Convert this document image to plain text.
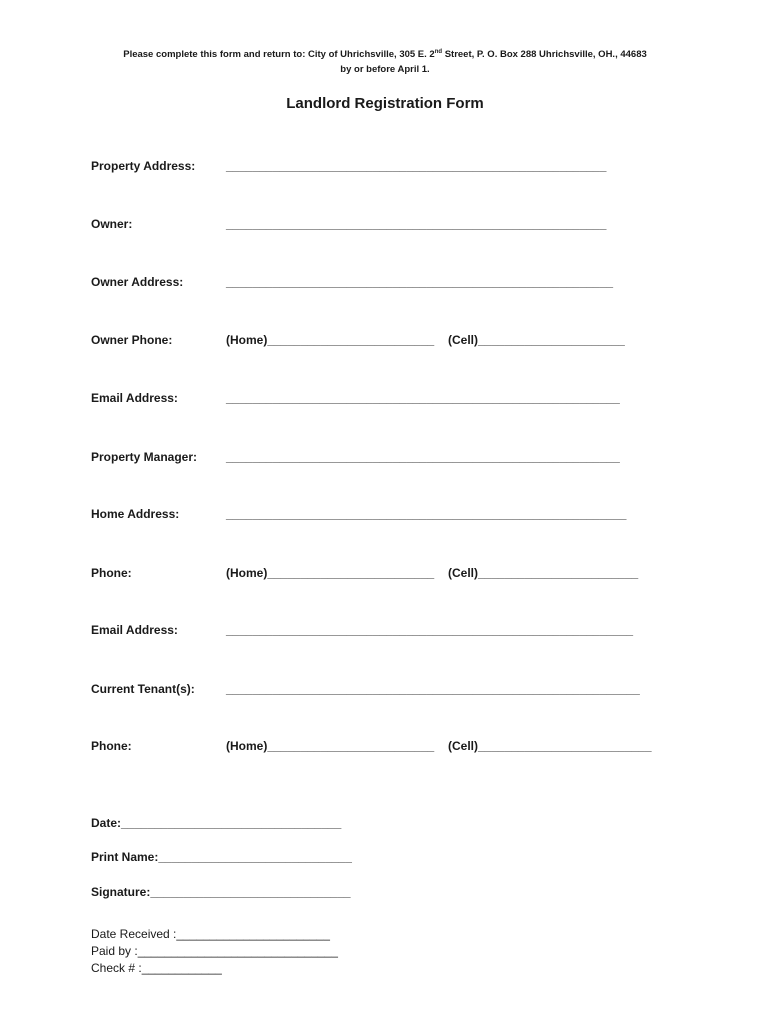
Please complete this form and return to: City of Uhrichsville, 305 E. 2nd Street, P. O. Box 288 Uhrichsville, OH., 44683
by or before April 1.
Landlord Registration Form
Property Address:	_________________________________________________________
Owner:	_________________________________________________________
Owner Address:	__________________________________________________________
Owner Phone:	(Home)_________________________ (Cell)______________________
Email Address:	___________________________________________________________
Property Manager: ___________________________________________________________
Home Address:	____________________________________________________________
Phone:	(Home)_________________________ (Cell)________________________
Email Address:	_____________________________________________________________
Current Tenant(s):	______________________________________________________________
Phone:	(Home)_________________________ (Cell)__________________________
Date:_________________________________
Print Name:_____________________________
Signature:______________________________
Date Received :_______________________
Paid by :______________________________
Check # :____________
